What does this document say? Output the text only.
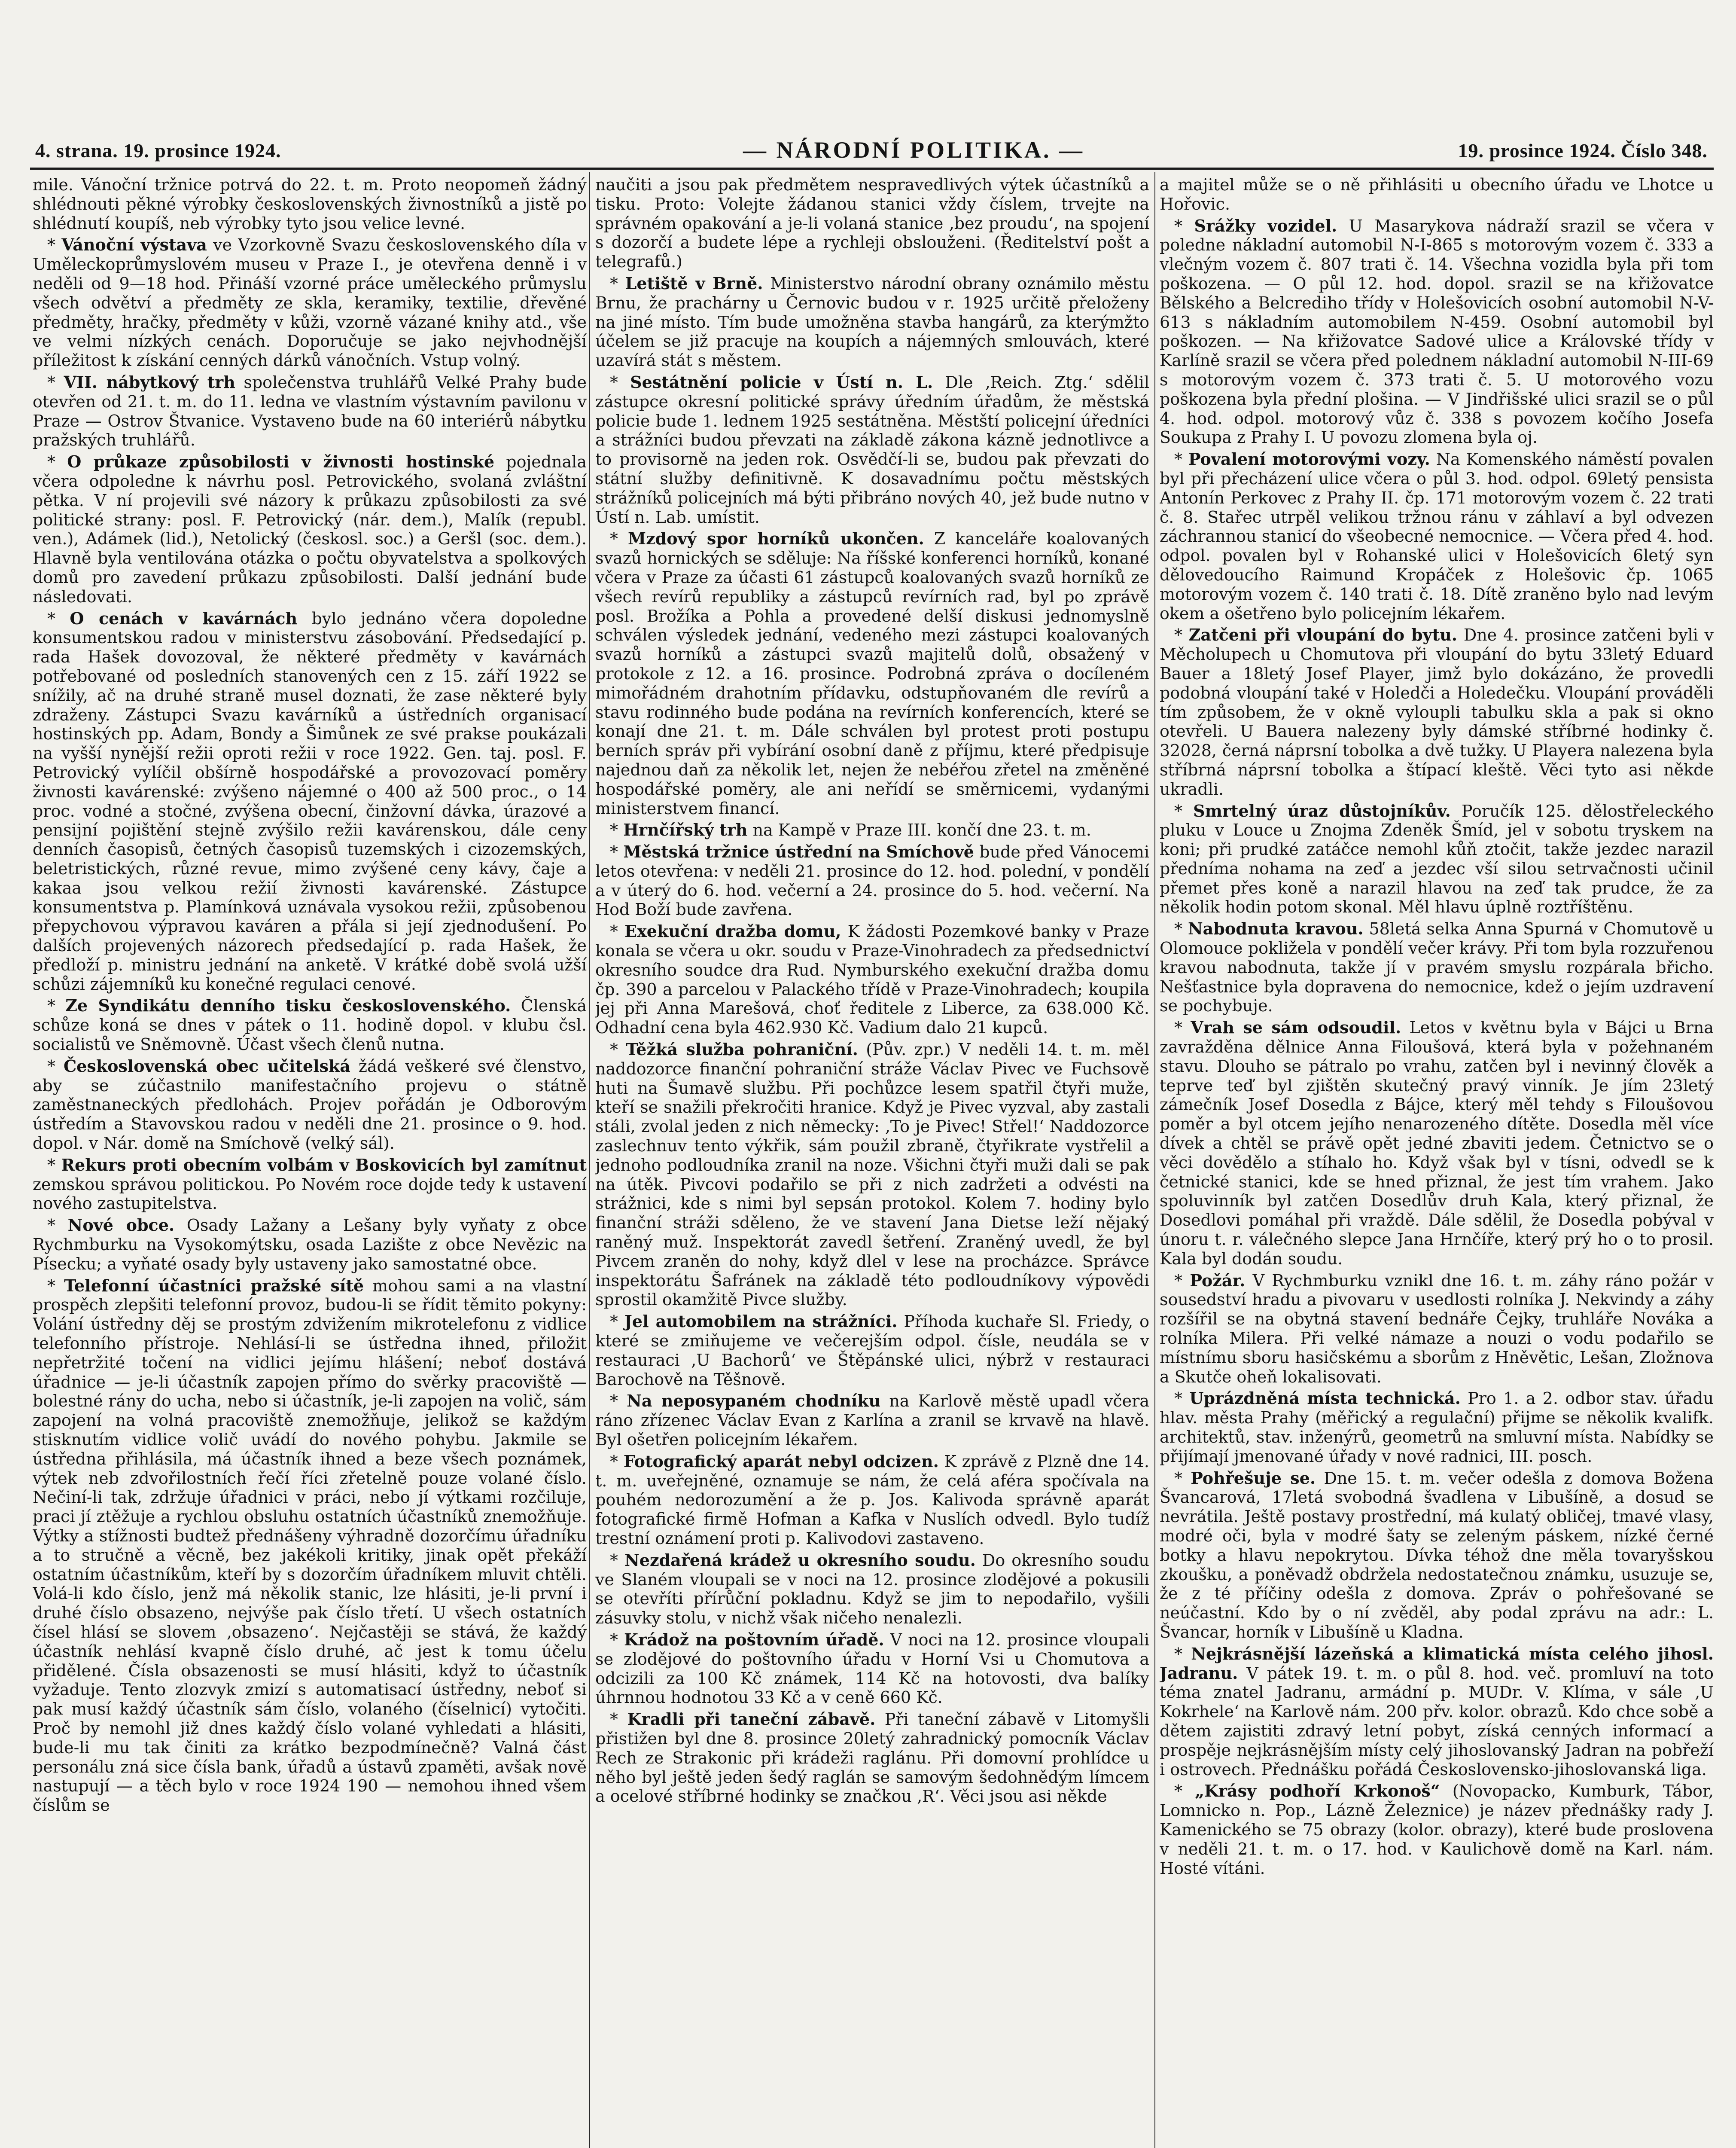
4. strana. 19. prosince 1924.	— NÁRODNÍ POLITIKA. —	19. prosince 1924. Číslo 348.

mile. Vánoční tržnice potrvá do 22. t. m. Proto neopomeň žádný shlédnouti pěkné výrobky československých živnostníků a jistě po shlédnutí koupíš, neb výrobky tyto jsou velice levné.

* Vánoční výstava ve Vzorkovně Svazu československého díla v Uměleckoprůmyslovém museu v Praze I., je otevřena denně i v neděli od 9—18 hod. Přináší vzorné práce uměleckého průmyslu všech odvětví a předměty ze skla, keramiky, textilie, dřevěné předměty, hračky, předměty v kůži, vzorně vázané knihy atd., vše ve velmi nízkých cenách. Doporučuje se jako nejvhodnější příležitost k získání cenných dárků vánočních. Vstup volný.

* VII. nábytkový trh společenstva truhlářů Velké Prahy bude otevřen od 21. t. m. do 11. ledna ve vlastním výstavním pavilonu v Praze — Ostrov Štvanice. Vystaveno bude na 60 interiérů nábytku pražských truhlářů.

* O průkaze způsobilosti v živnosti hostinské pojednala včera odpoledne k návrhu posl. Petrovického, svolaná zvláštní pětka. V ní projevili své názory k průkazu způsobilosti za své politické strany: posl. F. Petrovický (nár. dem.), Malík (republ. ven.), Adámek (lid.), Netolický (českosl. soc.) a Geršl (soc. dem.). Hlavně byla ventilována otázka o počtu obyvatelstva a spolkových domů pro zavedení průkazu způsobilosti. Další jednání bude následovati.

* O cenách v kavárnách bylo jednáno včera dopoledne konsumentskou radou v ministerstvu zásobování. Předsedající p. rada Hašek dovozoval, že některé předměty v kavárnách potřebované od posledních stanovených cen z 15. září 1922 se snížily, ač na druhé straně musel doznati, že zase některé byly zdraženy. Zástupci Svazu kavárníků a ústředních organisací hostinských pp. Adam, Bondy a Šimůnek ze své prakse poukázali na vyšší nynější režii oproti režii v roce 1922. Gen. taj. posl. F. Petrovický vylíčil obšírně hospodářské a provozovací poměry živnosti kavárenské: zvýšeno nájemné o 400 až 500 proc., o 14 proc. vodné a stočné, zvýšena obecní, činžovní dávka, úrazové a pensijní pojištění stejně zvýšilo režii kavárenskou, dále ceny denních časopisů, četných časopisů tuzemských i cizozemských, beletristických, různé revue, mimo zvýšené ceny kávy, čaje a kakaa jsou velkou režií živnosti kavárenské. Zástupce konsumentstva p. Plamínková uznávala vysokou režii, způsobenou přepychovou výpravou kaváren a přála si její zjednodušení. Po dalších projevených názorech předsedající p. rada Hašek, že předloží p. ministru jednání na anketě. V krátké době svolá užší schůzi zájemníků ku konečné regulaci cenové.

* Ze Syndikátu denního tisku československého. Členská schůze koná se dnes v pátek o 11. hodině dopol. v klubu čsl. socialistů ve Sněmovně. Účast všech členů nutna.

* Československá obec učitelská žádá veškeré své členstvo, aby se zúčastnilo manifestačního projevu o státně zaměstnaneckých předlohách. Projev pořádán je Odborovým ústředím a Stavovskou radou v neděli dne 21. prosince o 9. hod. dopol. v Nár. domě na Smíchově (velký sál).

* Rekurs proti obecním volbám v Boskovicích byl zamítnut zemskou správou politickou. Po Novém roce dojde tedy k ustavení nového zastupitelstva.

* Nové obce. Osady Lažany a Lešany byly vyňaty z obce Rychmburku na Vysokomýtsku, osada Lazište z obce Nevězic na Písecku; a vyňaté osady byly ustaveny jako samostatné obce.

* Telefonní účastníci pražské sítě mohou sami a na vlastní prospěch zlepšiti telefonní provoz, budou-li se řídit těmito pokyny: Volání ústředny děj se prostým zdvižením mikrotelefonu z vidlice telefonního přístroje. Nehlásí-li se ústředna ihned, přiložit nepřetržité točení na vidlici jejímu hlášení; neboť dostává úřadnice — je-li účastník zapojen přímo do svěrky pracoviště — bolestné rány do ucha, nebo si účastník, je-li zapojen na volič, sám zapojení na volná pracoviště znemožňuje, jelikož se každým stisknutím vidlice volič uvádí do nového pohybu. Jakmile se ústředna přihlásila, má účastník ihned a beze všech poznámek, výtek neb zdvořilostních řečí říci zřetelně pouze volané číslo. Nečiní-li tak, zdržuje úřadnici v práci, nebo jí výtkami rozčiluje, praci jí ztěžuje a rychlou obsluhu ostatních účastníků znemožňuje. Výtky a stížnosti budtež přednášeny výhradně dozorčímu úřadníku a to stručně a věcně, bez jakékoli kritiky, jinak opět překáží ostatním účastníkům, kteří by s dozorčím úřadníkem mluvit chtěli. Volá-li kdo číslo, jenž má několik stanic, lze hlásiti, je-li první i druhé číslo obsazeno, nejvýše pak číslo třetí. U všech ostatních čísel hlásí se slovem ‚obsazeno‘. Nejčastěji se stává, že každý účastník nehlásí kvapně číslo druhé, ač jest k tomu účelu přidělené. Čísla obsazenosti se musí hlásiti, když to účastník vyžaduje. Tento zlozvyk zmizí s automatisací ústředny, neboť si pak musí každý účastník sám číslo, volaného (číselnicí) vytočiti. Proč by nemohl již dnes každý číslo volané vyhledati a hlásiti, bude-li mu tak činiti za krátko bezpodmínečně? Valná část personálu zná sice čísla bank, úřadů a ústavů zpaměti, avšak nově nastupují — a těch bylo v roce 1924 190 — nemohou ihned všem číslům se

naučiti a jsou pak předmětem nespravedlivých výtek účastníků a tisku. Proto: Volejte žádanou stanici vždy číslem, trvejte na správném opakování a je-li volaná stanice ‚bez proudu‘, na spojení s dozorčí a budete lépe a rychleji obslouženi. (Ředitelství pošt a telegrafů.)

* Letiště v Brně. Ministerstvo národní obrany oznámilo městu Brnu, že prachárny u Černovic budou v r. 1925 určitě přeloženy na jiné místo. Tím bude umožněna stavba hangárů, za kterýmžto účelem se již pracuje na koupích a nájemných smlouvách, které uzavírá stát s městem.

* Sestátnění policie v Ústí n. L. Dle ‚Reich. Ztg.‘ sdělil zástupce okresní politické správy úředním úřadům, že městská policie bude 1. lednem 1925 sestátněna. Městští policejní úředníci a strážníci budou převzati na základě zákona kázně jednotlivce a to provisorně na jeden rok. Osvědčí-li se, budou pak převzati do státní služby definitivně. K dosavadnímu počtu městských strážníků policejních má býti přibráno nových 40, jež bude nutno v Ústí n. Lab. umístit.

* Mzdový spor horníků ukončen. Z kanceláře koalovaných svazů hornických se sděluje: Na říšské konferenci horníků, konané včera v Praze za účasti 61 zástupců koalovaných svazů horníků ze všech revírů republiky a zástupců revírních rad, byl po zprávě posl. Brožíka a Pohla a provedené delší diskusi jednomyslně schválen výsledek jednání, vedeného mezi zástupci koalovaných svazů horníků a zástupci svazů majitelů dolů, obsažený v protokole z 12. a 16. prosince. Podrobná zpráva o docíleném mimořádném drahotním přídavku, odstupňovaném dle revírů a stavu rodinného bude podána na revírních konferencích, které se konají dne 21. t. m. Dále schválen byl protest proti postupu berních správ při vybírání osobní daně z příjmu, které předpisuje najednou daň za několik let, nejen že nebéřou zřetel na změněné hospodářské poměry, ale ani neřídí se směrnicemi, vydanými ministerstvem financí.

* Hrnčířský trh na Kampě v Praze III. končí dne 23. t. m.

* Městská tržnice ústřední na Smíchově bude před Vánocemi letos otevřena: v neděli 21. prosince do 12. hod. polední, v pondělí a v úterý do 6. hod. večerní a 24. prosince do 5. hod. večerní. Na Hod Boží bude zavřena.

* Exekuční dražba domu, K žádosti Pozemkové banky v Praze konala se včera u okr. soudu v Praze-Vinohradech za předsednictví okresního soudce dra Rud. Nymburského exekuční dražba domu čp. 390 a parcelou v Palackého třídě v Praze-Vinohradech; koupila jej při Anna Marešová, choť ředitele z Liberce, za 638.000 Kč. Odhadní cena byla 462.930 Kč. Vadium dalo 21 kupců.

* Těžká služba pohraniční. (Pův. zpr.) V neděli 14. t. m. měl naddozorce finanční pohraniční stráže Václav Pivec ve Fuchsově huti na Šumavě službu. Při pochůzce lesem spatřil čtyři muže, kteří se snažili překročiti hranice. Když je Pivec vyzval, aby zastali stáli, zvolal jeden z nich německy: ‚To je Pivec! Střel!‘ Naddozorce zaslechnuv tento výkřik, sám použil zbraně, čtyřikrate vystřelil a jednoho podloudníka zranil na noze. Všichni čtyři muži dali se pak na útěk. Pivcovi podařilo se při z nich zadržeti a odvésti na strážnici, kde s nimi byl sepsán protokol. Kolem 7. hodiny bylo finanční stráži sděleno, že ve stavení Jana Dietse leží nějaký raněný muž. Inspektorát zavedl šetření. Zraněný uvedl, že byl Pivcem zraněn do nohy, když dlel v lese na procházce. Správce inspektorátu Šafránek na základě této podloudníkovy výpovědi sprostil okamžitě Pivce služby.

* Jel automobilem na strážníci. Příhoda kuchaře Sl. Friedy, o které se zmiňujeme ve večerejším odpol. čísle, neudála se v restauraci ‚U Bachorů‘ ve Štěpánské ulici, nýbrž v restauraci Barochově na Těšnově.

* Na neposypaném chodníku na Karlově městě upadl včera ráno zřízenec Václav Evan z Karlína a zranil se krvavě na hlavě. Byl ošetřen policejním lékařem.

* Fotografický aparát nebyl odcizen. K zprávě z Plzně dne 14. t. m. uveřejněné, oznamuje se nám, že celá aféra spočívala na pouhém nedorozumění a že p. Jos. Kalivoda správně aparát fotografické firmě Hofman a Kafka v Nuslích odvedl. Bylo tudíž trestní oznámení proti p. Kalivodovi zastaveno.

* Nezdařená krádež u okresního soudu. Do okresního soudu ve Slaném vloupali se v noci na 12. prosince zlodějové a pokusili se otevříti přírůční pokladnu. Když se jim to nepodařilo, vyšili zásuvky stolu, v nichž však ničeho nenalezli.

* Krádož na poštovním úřadě. V noci na 12. prosince vloupali se zlodějové do poštovního úřadu v Horní Vsi u Chomutova a odcizili za 100 Kč známek, 114 Kč na hotovosti, dva balíky úhrnnou hodnotou 33 Kč a v ceně 660 Kč.

* Kradli při taneční zábavě. Při taneční zábavě v Litomyšli přistižen byl dne 8. prosince 20letý zahradnický pomocník Václav Rech ze Strakonic při krádeži raglánu. Při domovní prohlídce u něho byl ještě jeden šedý raglán se samovým šedohnědým límcem a ocelové stříbrné hodinky se značkou ‚R‘. Věci jsou asi někde

a majitel může se o ně přihlásiti u obecního úřadu ve Lhotce u Hořovic.

* Srážky vozidel. U Masarykova nádraží srazil se včera v poledne nákladní automobil N-I-865 s motorovým vozem č. 333 a vlečným vozem č. 807 trati č. 14. Všechna vozidla byla při tom poškozena. — O půl 12. hod. dopol. srazil se na křižovatce Bělského a Belcrediho třídy v Holešovicích osobní automobil N-V-613 s nákladním automobilem N-459. Osobní automobil byl poškozen. — Na křižovatce Sadové ulice a Královské třídy v Karlíně srazil se včera před polednem nákladní automobil N-III-69 s motorovým vozem č. 373 trati č. 5. U motorového vozu poškozena byla přední plošina. — V Jindřišské ulici srazil se o půl 4. hod. odpol. motorový vůz č. 338 s povozem kočího Josefa Soukupa z Prahy I. U povozu zlomena byla oj.

* Povalení motorovými vozy. Na Komenského náměstí povalen byl při přecházení ulice včera o půl 3. hod. odpol. 69letý pensista Antonín Perkovec z Prahy II. čp. 171 motorovým vozem č. 22 trati č. 8. Stařec utrpěl velikou tržnou ránu v záhlaví a byl odvezen záchrannou stanicí do všeobecné nemocnice. — Včera před 4. hod. odpol. povalen byl v Rohanské ulici v Holešovicích 6letý syn dělovedoucího Raimund Kropáček z Holešovic čp. 1065 motorovým vozem č. 140 trati č. 18. Dítě zraněno bylo nad levým okem a ošetřeno bylo policejním lékařem.

* Zatčeni při vloupání do bytu. Dne 4. prosince zatčeni byli v Měcholupech u Chomutova při vloupání do bytu 33letý Eduard Bauer a 18letý Josef Player, jimž bylo dokázáno, že provedli podobná vloupání také v Holedči a Holedečku. Vloupání prováděli tím způsobem, že v okně vyloupli tabulku skla a pak si okno otevřeli. U Bauera nalezeny byly dámské stříbrné hodinky č. 32028, černá náprsní tobolka a dvě tužky. U Playera nalezena byla stříbrná náprsní tobolka a štípací kleště. Věci tyto asi někde ukradli.

* Smrtelný úraz důstojníkův. Poručík 125. dělostřeleckého pluku v Louce u Znojma Zdeněk Šmíd, jel v sobotu tryskem na koni; při prudké zatáčce nemohl kůň ztočit, takže jezdec narazil předníma nohama na zeď a jezdec vší silou setrvačnosti učinil přemet přes koně a narazil hlavou na zeď tak prudce, že za několik hodin potom skonal. Měl hlavu úplně roztříštěnu.

* Nabodnuta kravou. 58letá selka Anna Spurná v Chomutově u Olomouce pokližela v pondělí večer krávy. Při tom byla rozzuřenou kravou nabodnuta, takže jí v pravém smyslu rozpárala břicho. Nešťastnice byla dopravena do nemocnice, kdež o jejím uzdravení se pochybuje.

* Vrah se sám odsoudil. Letos v květnu byla v Bájci u Brna zavražděna dělnice Anna Filoušová, která byla v požehnaném stavu. Dlouho se pátralo po vrahu, zatčen byl i nevinný člověk a teprve teď byl zjištěn skutečný pravý vinník. Je jím 23letý zámečník Josef Dosedla z Bájce, který měl tehdy s Filoušovou poměr a byl otcem jejího nenarozeného dítěte. Dosedla měl více dívek a chtěl se právě opět jedné zbaviti jedem. Četnictvo se o věci dovědělo a stíhalo ho. Když však byl v tísni, odvedl se k četnické stanici, kde se hned přiznal, že jest tím vrahem. Jako spoluvinník byl zatčen Dosedlův druh Kala, který přiznal, že Dosedlovi pomáhal při vraždě. Dále sdělil, že Dosedla pobýval v únoru t. r. válečného slepce Jana Hrnčíře, který prý ho o to prosil. Kala byl dodán soudu.

* Požár. V Rychmburku vznikl dne 16. t. m. záhy ráno požár v sousedství hradu a pivovaru v usedlosti rolníka J. Nekvindy a záhy rozšířil se na obytná stavení bednáře Čejky, truhláře Nováka a rolníka Milera. Při velké námaze a nouzi o vodu podařilo se místnímu sboru hasičskému a sborům z Hněvětic, Lešan, Zložnova a Skutče oheň lokalisovati.

* Uprázdněná místa technická. Pro 1. a 2. odbor stav. úřadu hlav. města Prahy (měřický a regulační) přijme se několik kvalifk. architektů, stav. inženýrů, geometrů na smluvní místa. Nabídky se přijímají jmenované úřady v nové radnici, III. posch.

* Pohřešuje se. Dne 15. t. m. večer odešla z domova Božena Švancarová, 17letá svobodná švadlena v Libušíně, a dosud se nevrátila. Ještě postavy prostřední, má kulatý obličej, tmavé vlasy, modré oči, byla v modré šaty se zeleným páskem, nízké černé botky a hlavu nepokrytou. Dívka téhož dne měla tovaryšskou zkoušku, a poněvadž obdržela nedostatečnou známku, usuzuje se, že z té příčiny odešla z domova. Zpráv o pohřešované se neúčastní. Kdo by o ní zvěděl, aby podal zprávu na adr.: L. Švancar, horník v Libušíně u Kladna.

* Nejkrásnější lázeňská a klimatická místa celého jihosl. Jadranu. V pátek 19. t. m. o půl 8. hod. več. promluví na toto téma znatel Jadranu, armádní p. MUDr. V. Klíma, v sále ‚U Kokrhele‘ na Karlově nám. 200 přv. kolor. obrazů. Kdo chce sobě a dětem zajistiti zdravý letní pobyt, získá cenných informací a prospěje nejkrásnějším místy celý jihoslovanský Jadran na pobřeží i ostrovech. Přednášku pořádá Československo-jihoslovanská liga.

* „Krásy podhoří Krkonoš“ (Novopacko, Kumburk, Tábor, Lomnicko n. Pop., Lázně Železnice) je název přednášky rady J. Kamenického se 75 obrazy (kolor. obrazy), které bude proslovena v neděli 21. t. m. o 17. hod. v Kaulichově domě na Karl. nám. Hosté vítáni.
